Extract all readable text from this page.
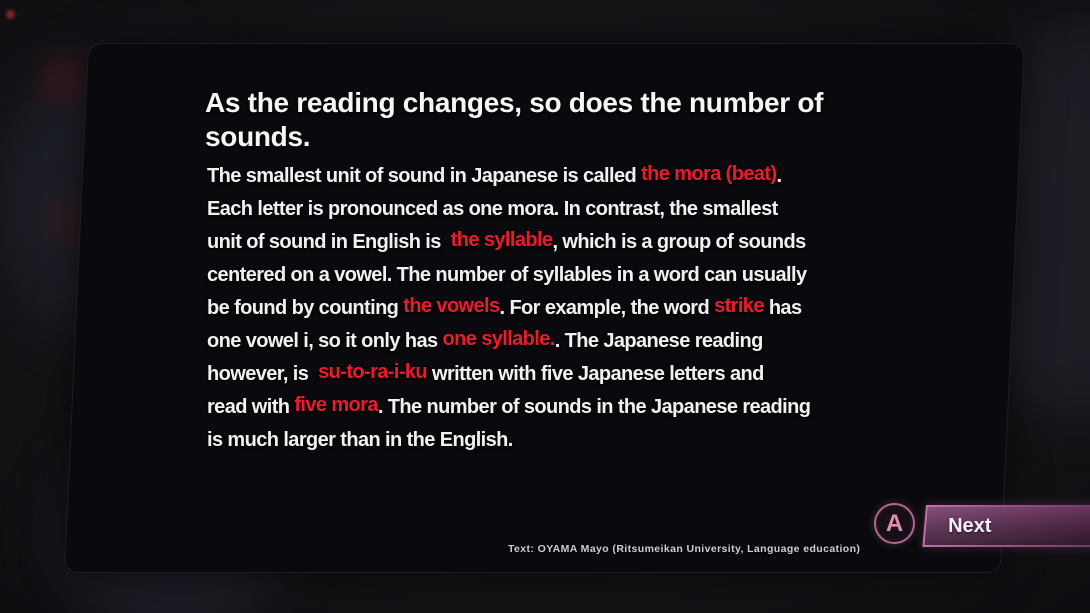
As the reading changes, so does the number of
sounds.
The smallest unit of sound in Japanese is called the mora (beat).
Each letter is pronounced as one mora. In contrast, the smallest
unit of sound in English is  the syllable, which is a group of sounds
centered on a vowel. The number of syllables in a word can usually
be found by counting the vowels. For example, the word strike has
one vowel i, so it only has one syllable.. The Japanese reading
however, is  su-to-ra-i-ku written with five Japanese letters and
read with five mora. The number of sounds in the Japanese reading
is much larger than in the English.
Text: OYAMA Mayo (Ritsumeikan University, Language education)
A Next
